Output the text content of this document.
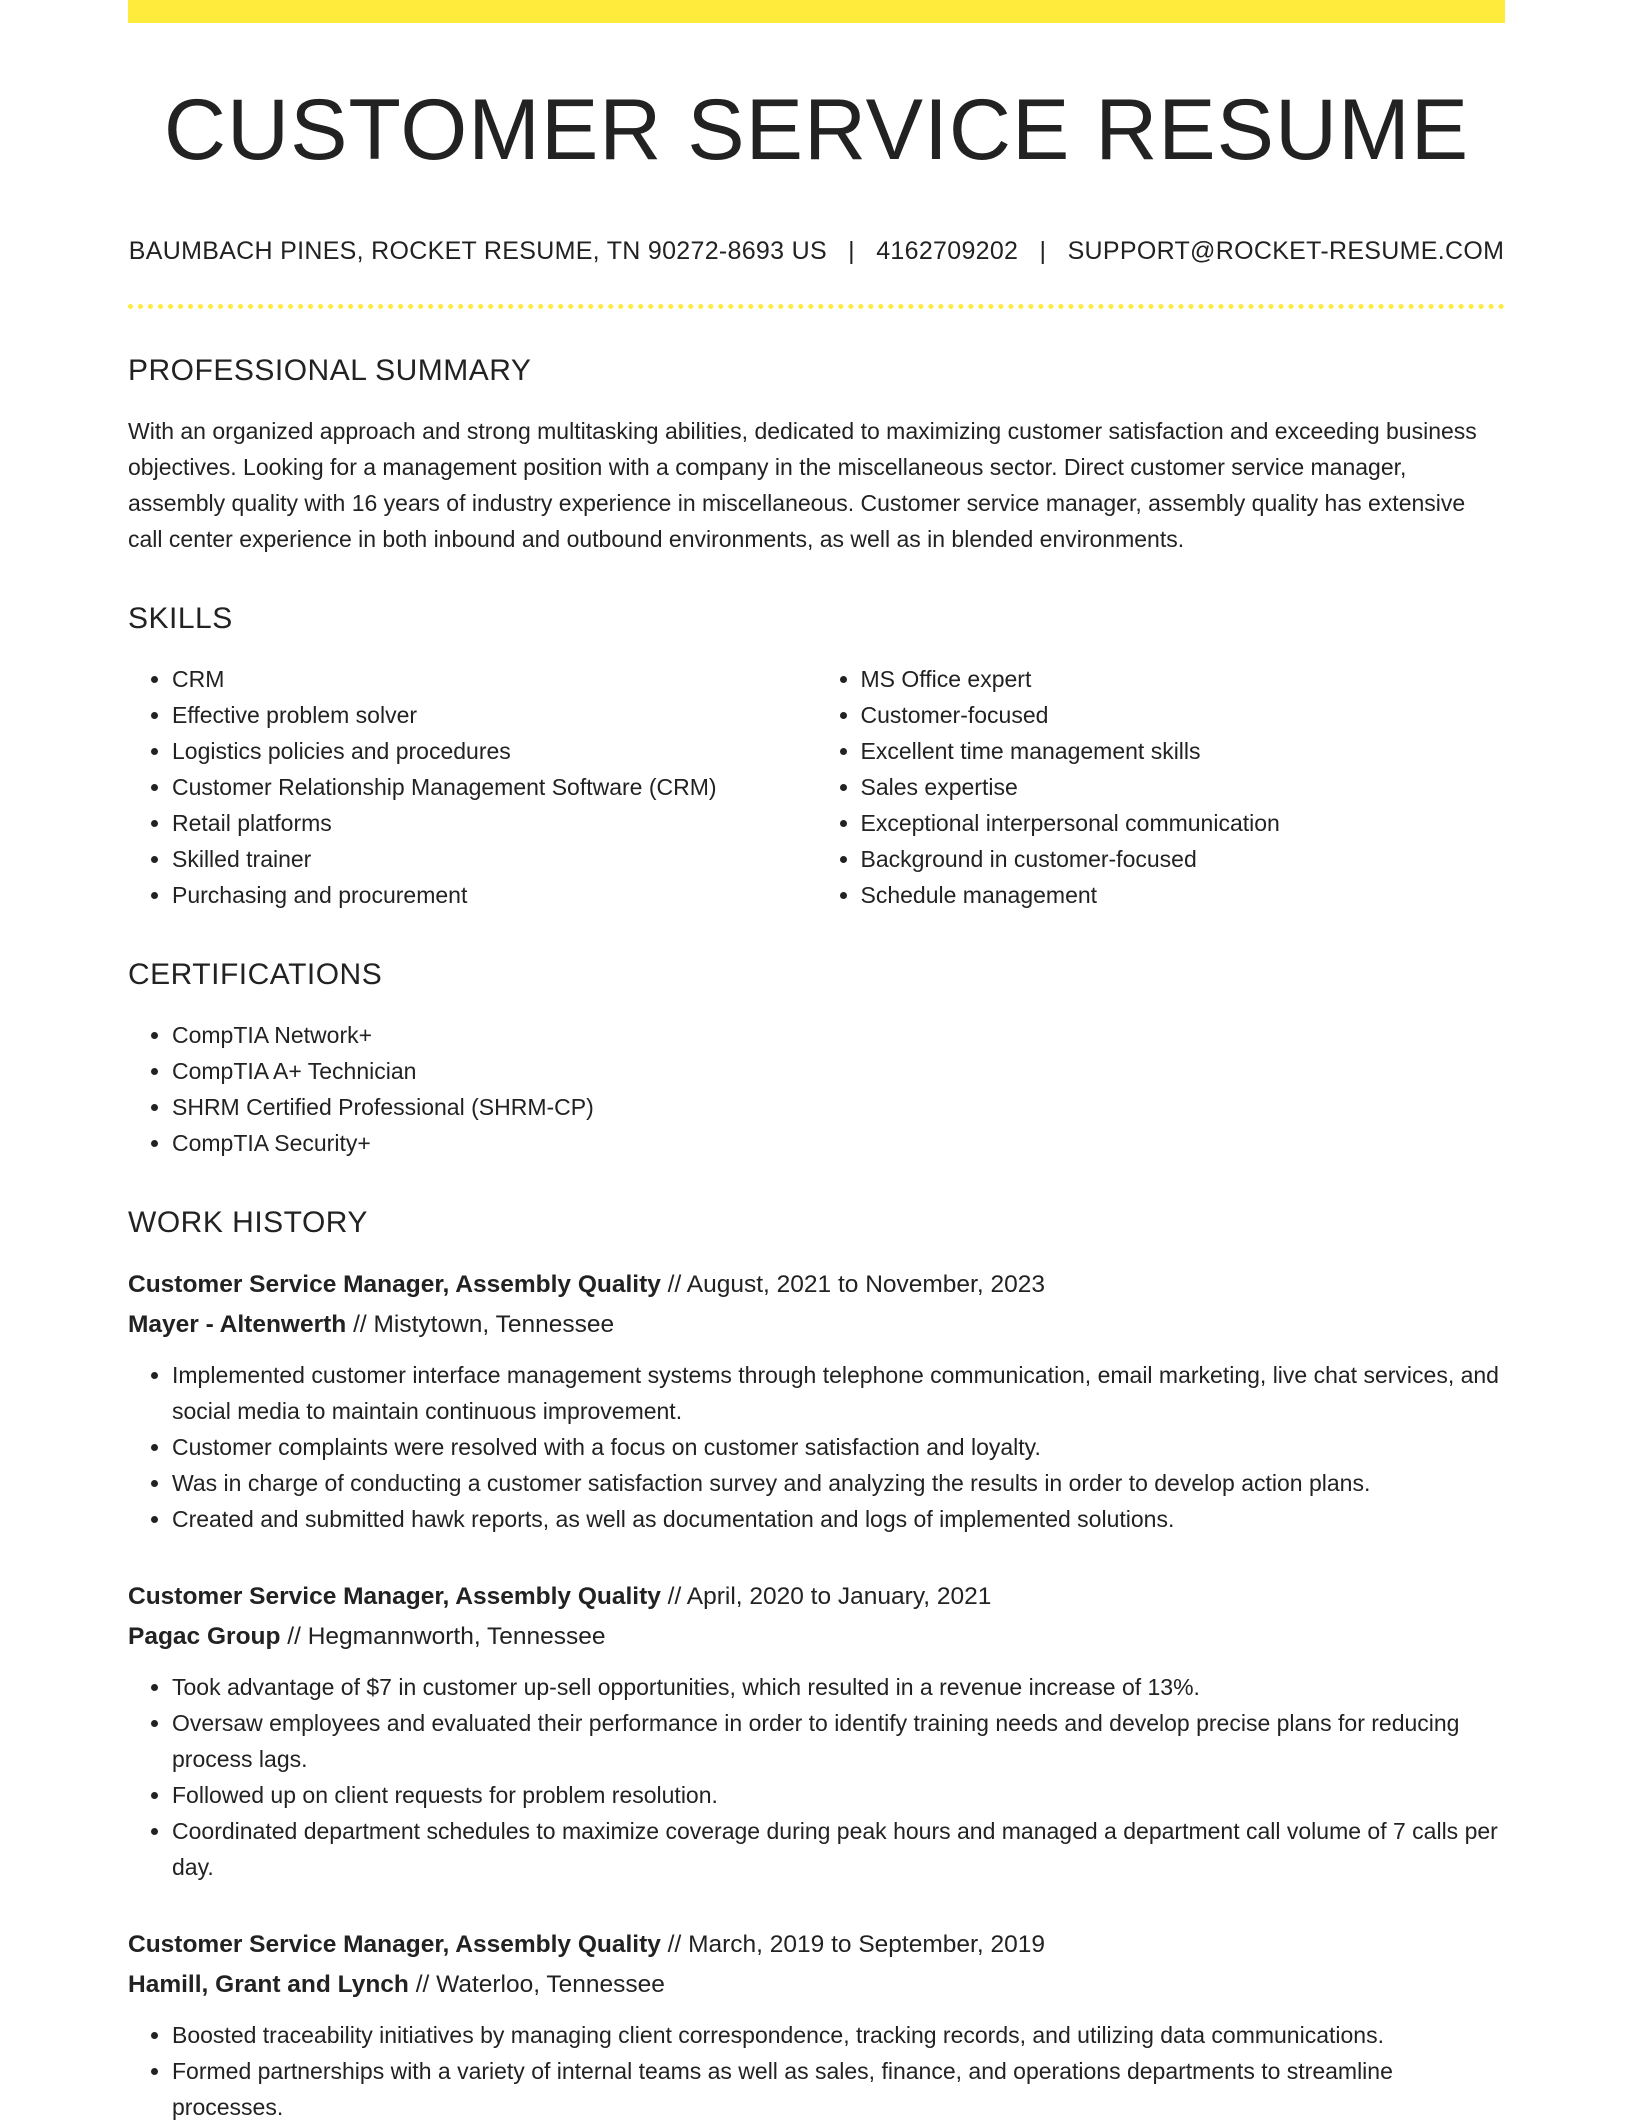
CUSTOMER SERVICE RESUME
BAUMBACH PINES, ROCKET RESUME, TN 90272-8693 US | 4162709202 | SUPPORT@ROCKET-RESUME.COM
PROFESSIONAL SUMMARY
With an organized approach and strong multitasking abilities, dedicated to maximizing customer satisfaction and exceeding business objectives. Looking for a management position with a company in the miscellaneous sector. Direct customer service manager, assembly quality with 16 years of industry experience in miscellaneous. Customer service manager, assembly quality has extensive call center experience in both inbound and outbound environments, as well as in blended environments.
SKILLS
• CRM
• Effective problem solver
• Logistics policies and procedures
• Customer Relationship Management Software (CRM)
• Retail platforms
• Skilled trainer
• Purchasing and procurement
• MS Office expert
• Customer-focused
• Excellent time management skills
• Sales expertise
• Exceptional interpersonal communication
• Background in customer-focused
• Schedule management
CERTIFICATIONS
• CompTIA Network+
• CompTIA A+ Technician
• SHRM Certified Professional (SHRM-CP)
• CompTIA Security+
WORK HISTORY
Customer Service Manager, Assembly Quality // August, 2021 to November, 2023
Mayer - Altenwerth // Mistytown, Tennessee
• Implemented customer interface management systems through telephone communication, email marketing, live chat services, and social media to maintain continuous improvement.
• Customer complaints were resolved with a focus on customer satisfaction and loyalty.
• Was in charge of conducting a customer satisfaction survey and analyzing the results in order to develop action plans.
• Created and submitted hawk reports, as well as documentation and logs of implemented solutions.
Customer Service Manager, Assembly Quality // April, 2020 to January, 2021
Pagac Group // Hegmannworth, Tennessee
• Took advantage of $7 in customer up-sell opportunities, which resulted in a revenue increase of 13%.
• Oversaw employees and evaluated their performance in order to identify training needs and develop precise plans for reducing process lags.
• Followed up on client requests for problem resolution.
• Coordinated department schedules to maximize coverage during peak hours and managed a department call volume of 7 calls per day.
Customer Service Manager, Assembly Quality // March, 2019 to September, 2019
Hamill, Grant and Lynch // Waterloo, Tennessee
• Boosted traceability initiatives by managing client correspondence, tracking records, and utilizing data communications.
• Formed partnerships with a variety of internal teams as well as sales, finance, and operations departments to streamline processes.
